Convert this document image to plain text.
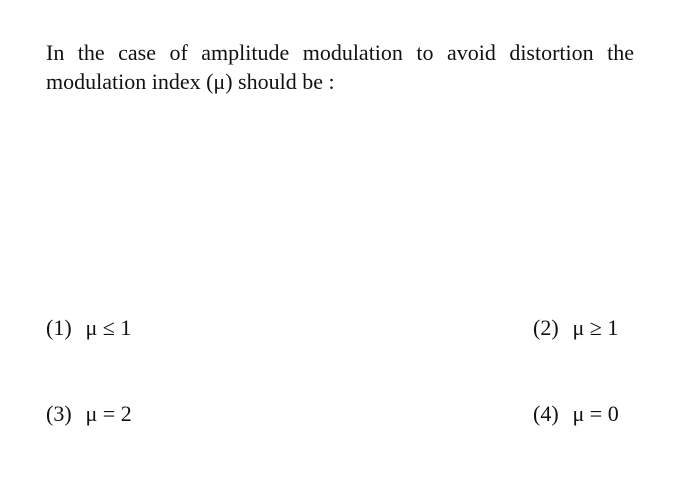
In the case of amplitude modulation to avoid distortion the modulation index (μ) should be :
(1) μ ≤ 1	(2) μ ≥ 1
(3) μ = 2	(4) μ = 0
